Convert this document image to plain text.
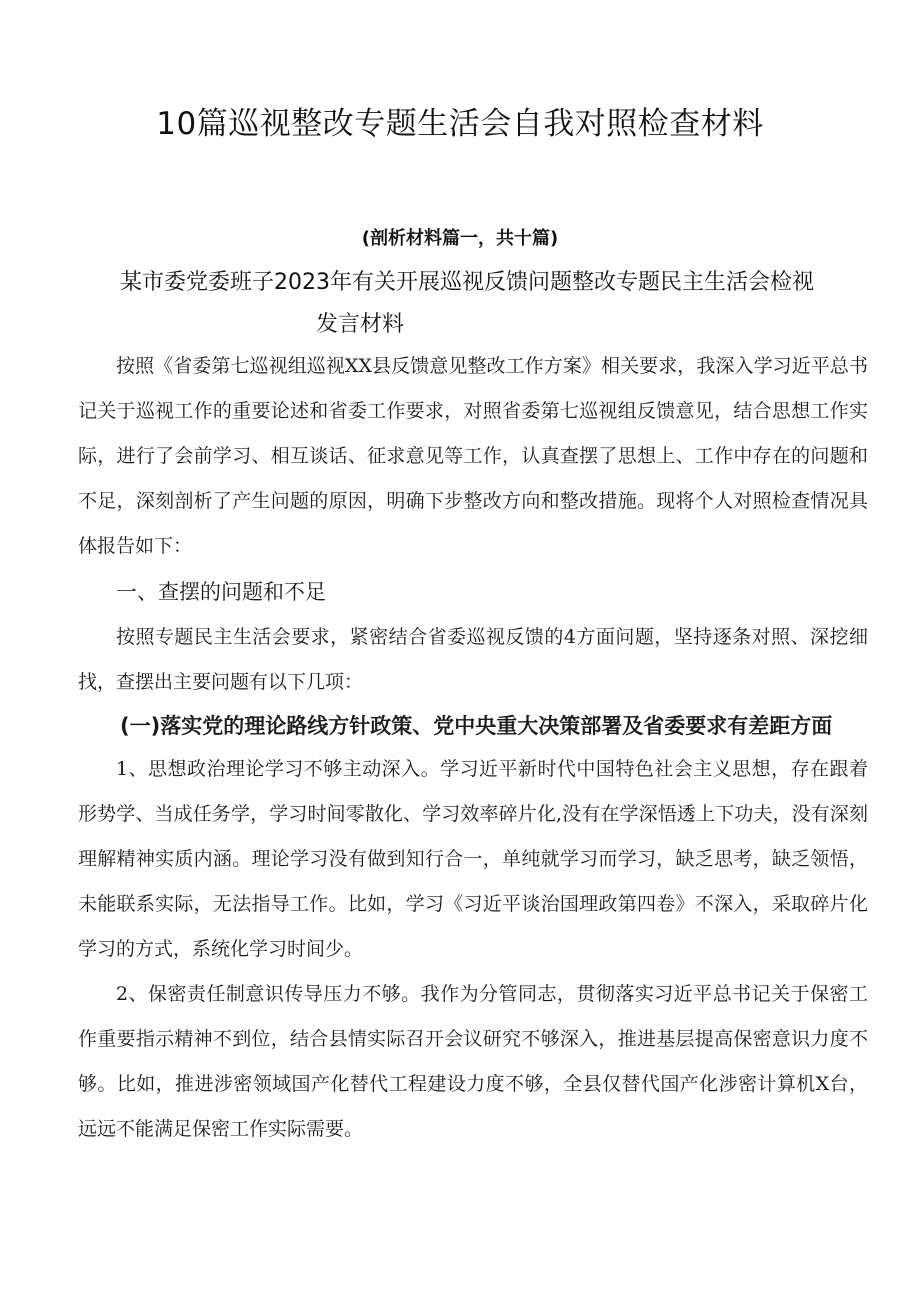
10篇巡视整改专题生活会自我对照检查材料
(剖析材料篇一，共十篇)
某市委党委班子2023年有关开展巡视反馈问题整改专题民主生活会检视
发言材料

按照《省委第七巡视组巡视XX县反馈意见整改工作方案》相关要求，我深入学习近平总书记关于巡视工作的重要论述和省委工作要求，对照省委第七巡视组反馈意见，结合思想工作实际，进行了会前学习、相互谈话、征求意见等工作，认真查摆了思想上、工作中存在的问题和不足，深刻剖析了产生问题的原因，明确下步整改方向和整改措施。现将个人对照检查情况具体报告如下：

一、查摆的问题和不足

按照专题民主生活会要求，紧密结合省委巡视反馈的4方面问题，坚持逐条对照、深挖细找，查摆出主要问题有以下几项：

(一)落实党的理论路线方针政策、党中央重大决策部署及省委要求有差距方面

1、思想政治理论学习不够主动深入。学习近平新时代中国特色社会主义思想，存在跟着形势学、当成任务学，学习时间零散化、学习效率碎片化,没有在学深悟透上下功夫，没有深刻理解精神实质内涵。理论学习没有做到知行合一，单纯就学习而学习，缺乏思考，缺乏领悟，未能联系实际，无法指导工作。比如，学习《习近平谈治国理政第四卷》不深入，采取碎片化学习的方式，系统化学习时间少。

2、保密责任制意识传导压力不够。我作为分管同志，贯彻落实习近平总书记关于保密工作重要指示精神不到位，结合县情实际召开会议研究不够深入，推进基层提高保密意识力度不够。比如，推进涉密领域国产化替代工程建设力度不够，全县仅替代国产化涉密计算机X台，远远不能满足保密工作实际需要。
